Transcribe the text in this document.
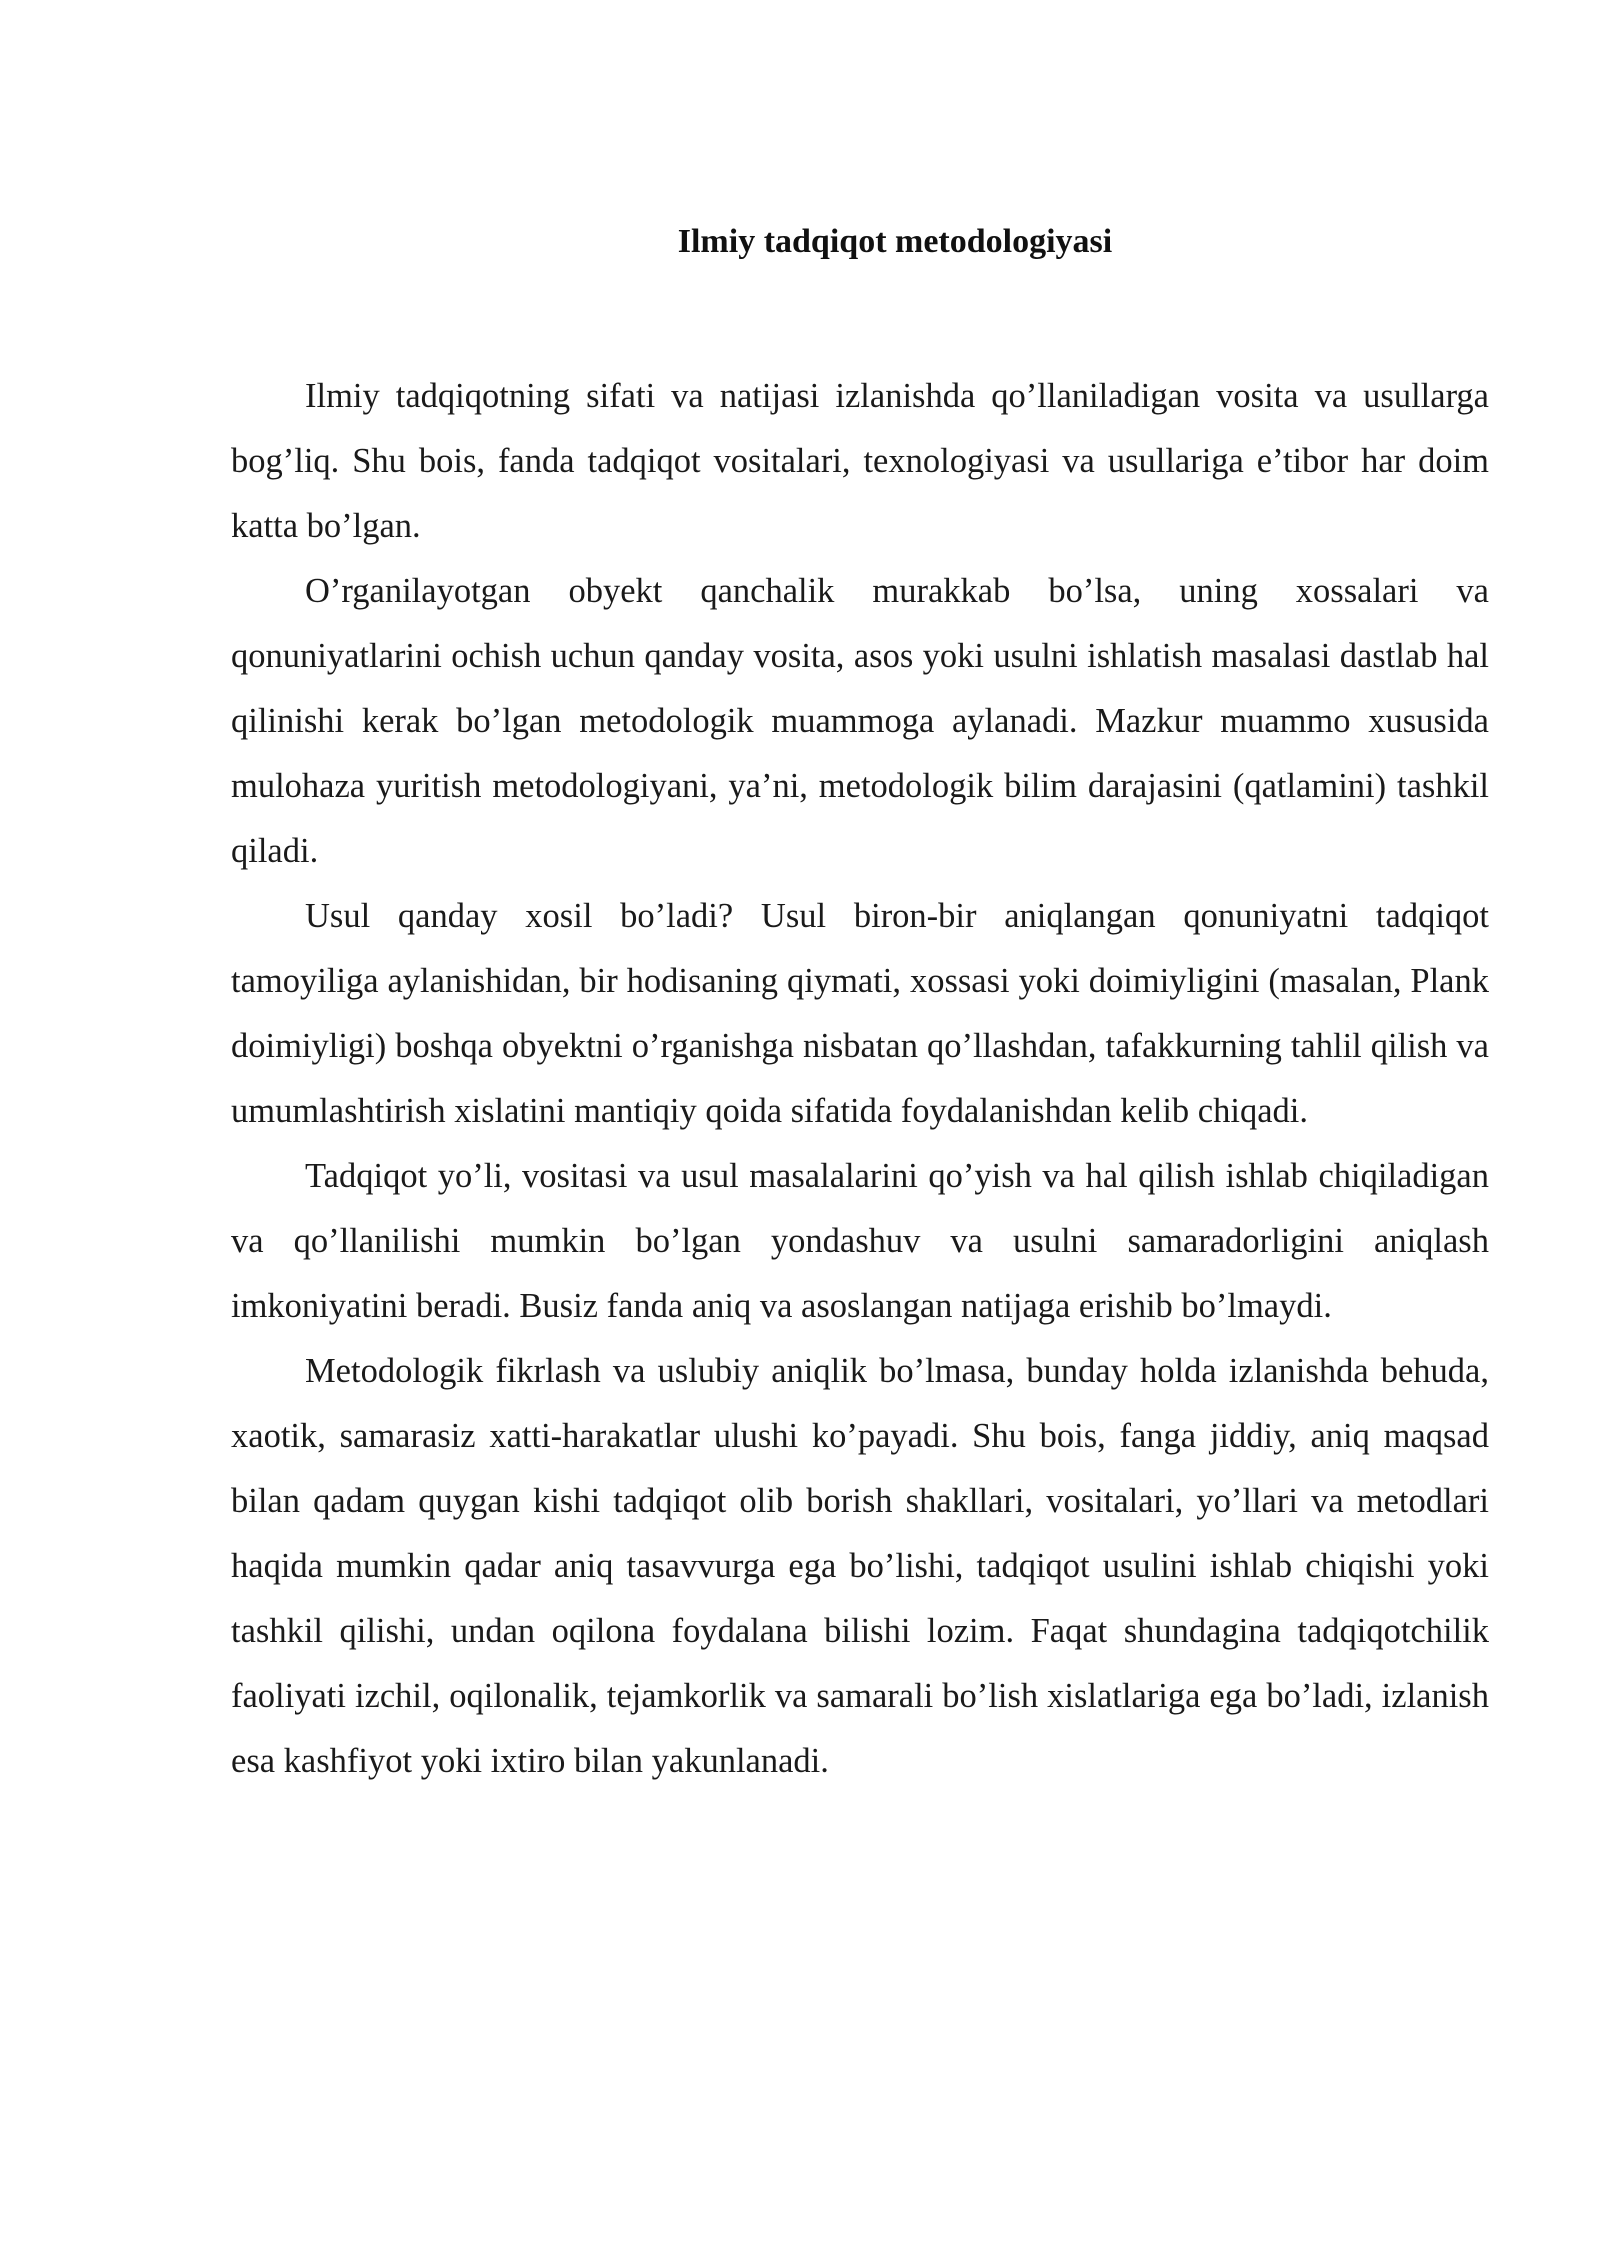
Ilmiy tadqiqot metodologiyasi

Ilmiy tadqiqotning sifati va natijasi izlanishda qo’llaniladigan vosita va usullarga bog’liq. Shu bois, fanda tadqiqot vositalari, texnologiyasi va usullariga e’tibor har doim katta bo’lgan.

O’rganilayotgan obyekt qanchalik murakkab bo’lsa, uning xossalari va qonuniyatlarini ochish uchun qanday vosita, asos yoki usulni ishlatish masalasi dastlab hal qilinishi kerak bo’lgan metodologik muammoga aylanadi. Mazkur muammo xususida mulohaza yuritish metodologiyani, ya’ni, metodologik bilim darajasini (qatlamini) tashkil qiladi.

Usul qanday xosil bo’ladi? Usul biron-bir aniqlangan qonuniyatni tadqiqot tamoyiliga aylanishidan, bir hodisaning qiymati, xossasi yoki doimiyligini (masalan, Plank doimiyligi) boshqa obyektni o’rganishga nisbatan qo’llashdan, tafakkurning tahlil qilish va umumlashtirish xislatini mantiqiy qoida sifatida foydalanishdan kelib chiqadi.

Tadqiqot yo’li, vositasi va usul masalalarini qo’yish va hal qilish ishlab chiqiladigan va qo’llanilishi mumkin bo’lgan yondashuv va usulni samaradorligini aniqlash imkoniyatini beradi. Busiz fanda aniq va asoslangan natijaga erishib bo’lmaydi.

Metodologik fikrlash va uslubiy aniqlik bo’lmasa, bunday holda izlanishda behuda, xaotik, samarasiz xatti-harakatlar ulushi ko’payadi. Shu bois, fanga jiddiy, aniq maqsad bilan qadam quygan kishi tadqiqot olib borish shakllari, vositalari, yo’llari va metodlari haqida mumkin qadar aniq tasavvurga ega bo’lishi, tadqiqot usulini ishlab chiqishi yoki tashkil qilishi, undan oqilona foydalana bilishi lozim. Faqat shundagina tadqiqotchilik faoliyati izchil, oqilonalik, tejamkorlik va samarali bo’lish xislatlariga ega bo’ladi, izlanish esa kashfiyot yoki ixtiro bilan yakunlanadi.
